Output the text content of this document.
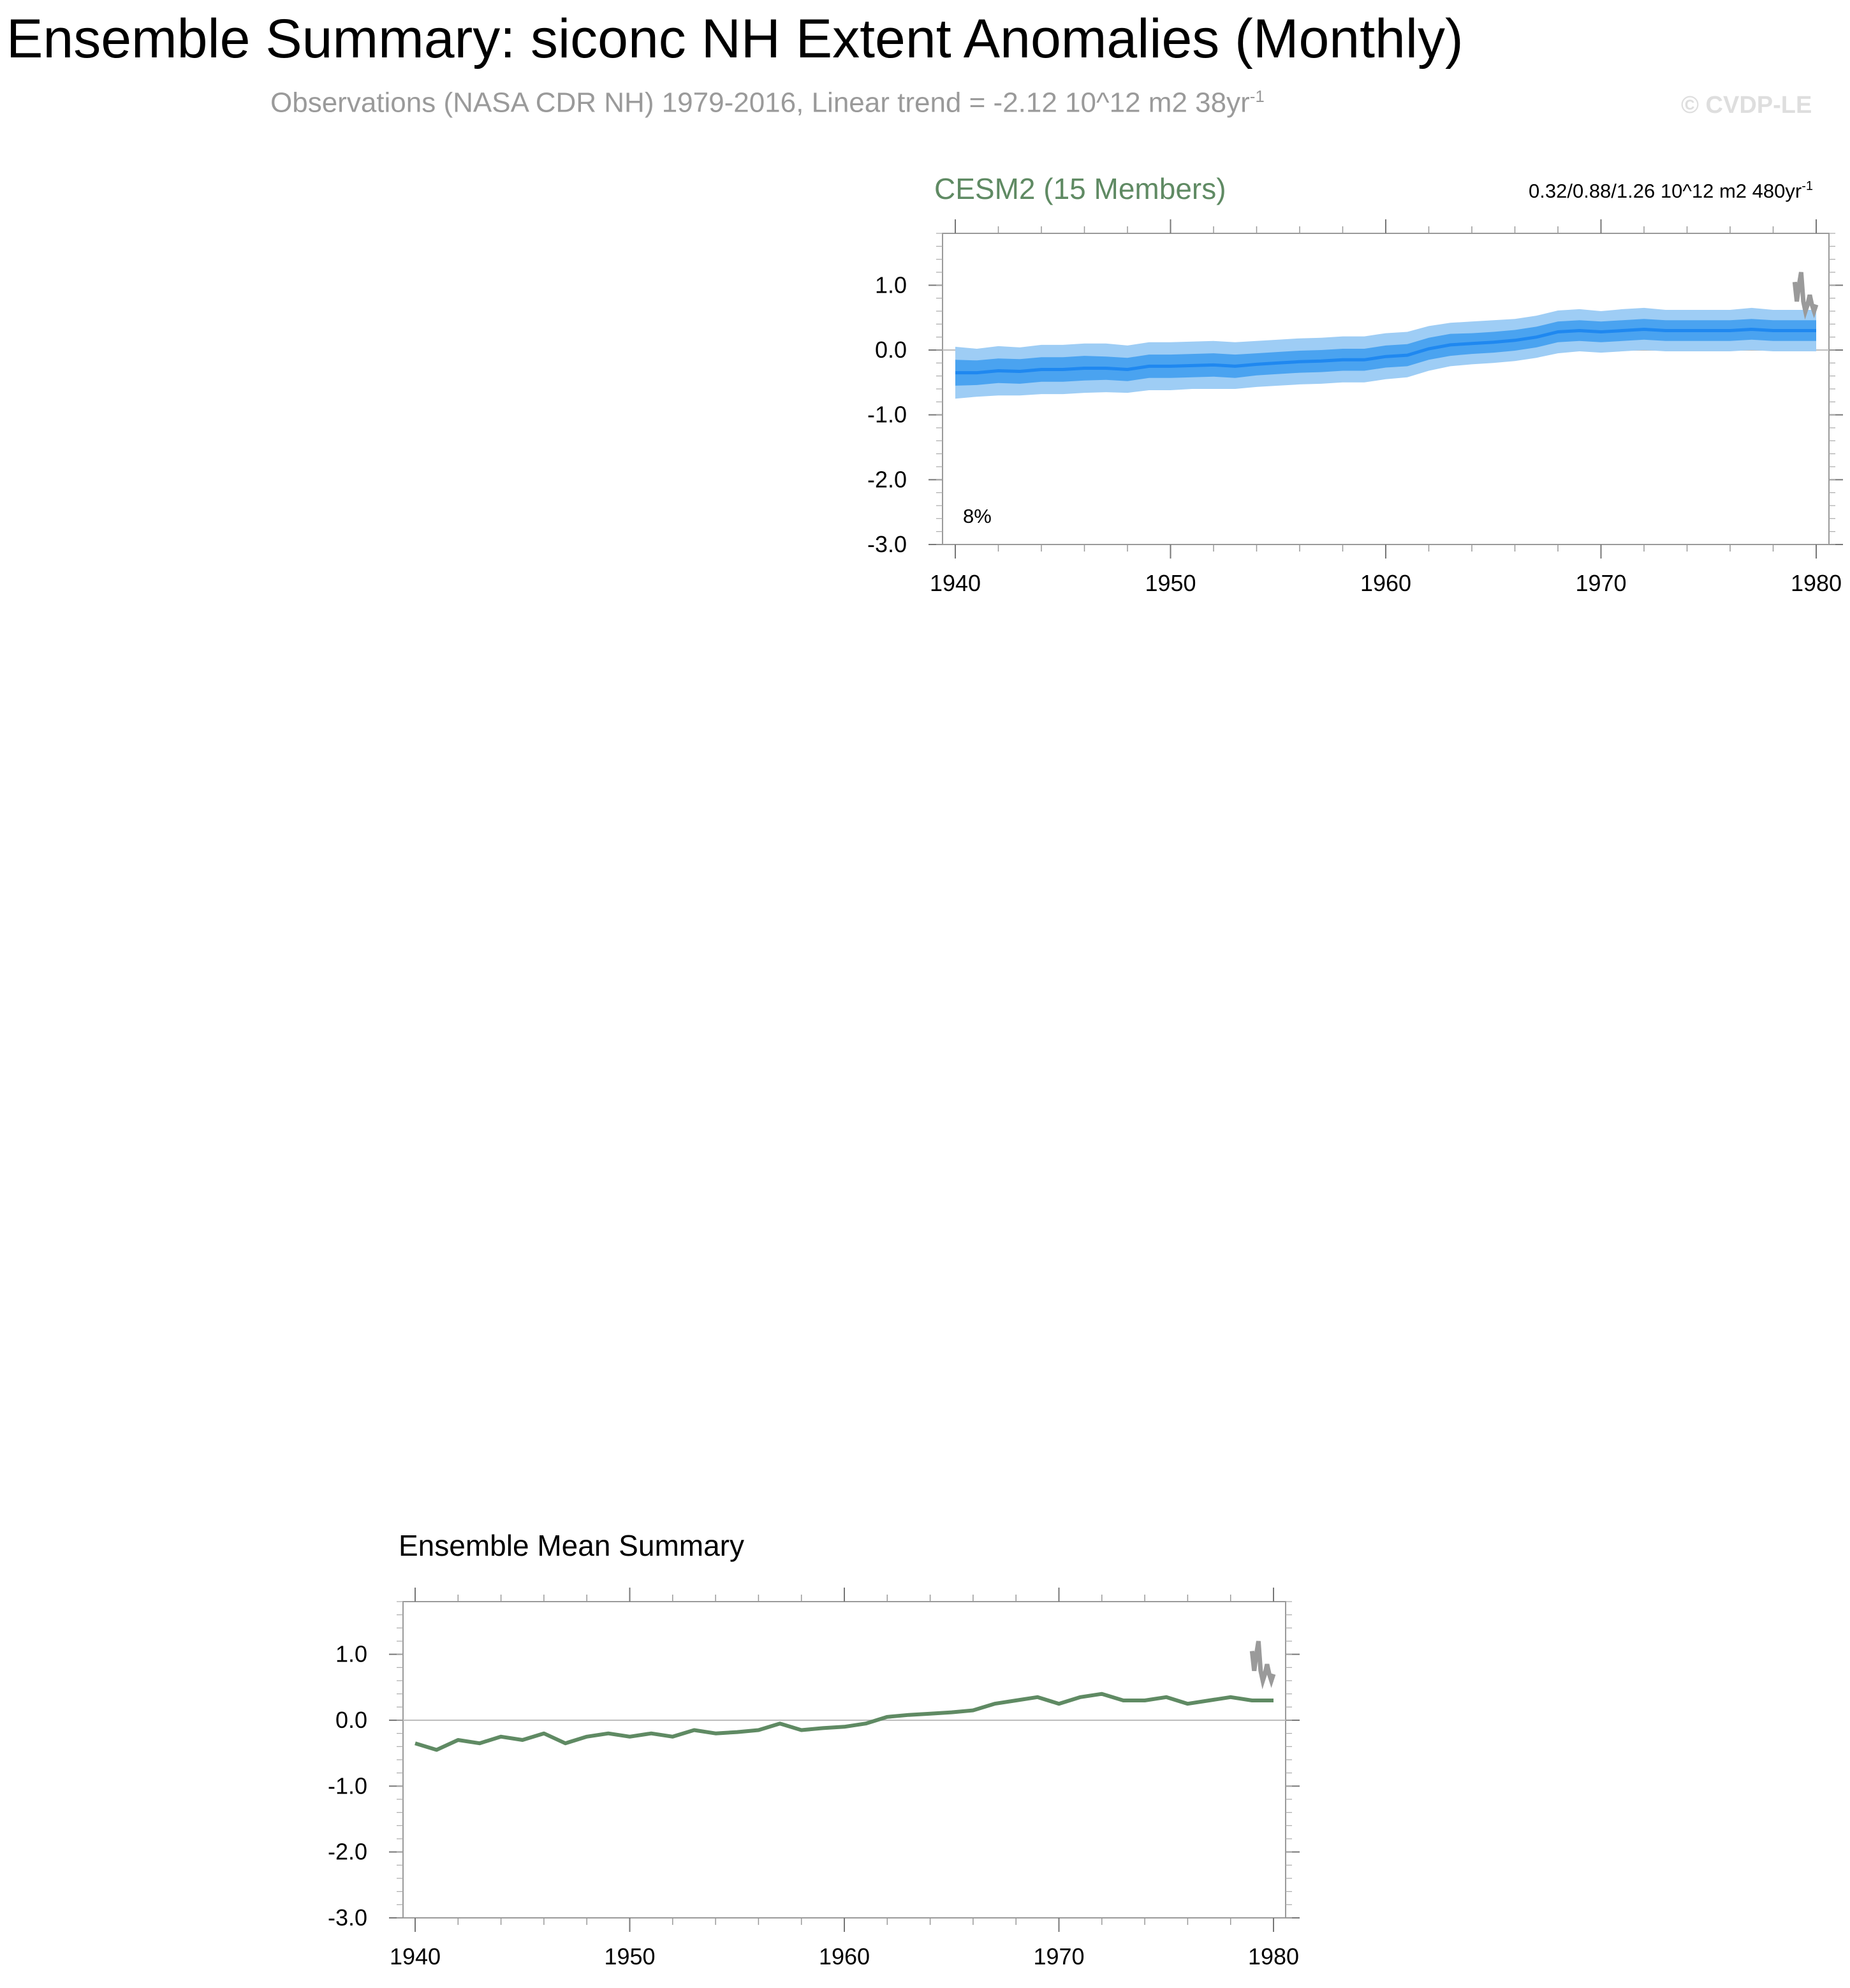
Ensemble Summary: siconc NH Extent Anomalies (Monthly)
Observations (NASA CDR NH) 1979-2016, Linear trend = -2.12 10^12 m2 $38yr^{-1}$	© CVDP-LE
CESM2 (15 Members)	0.32/0.88/1.26 10^12 m2 $480yr^{-1}$
1940	1950	1960	1970	1980
1.0
0.0
-1.0
-2.0
-3.0
8%
Ensemble Mean Summary
1940	1950	1960	1970	1980
1.0
0.0
-1.0
-2.0
-3.0
